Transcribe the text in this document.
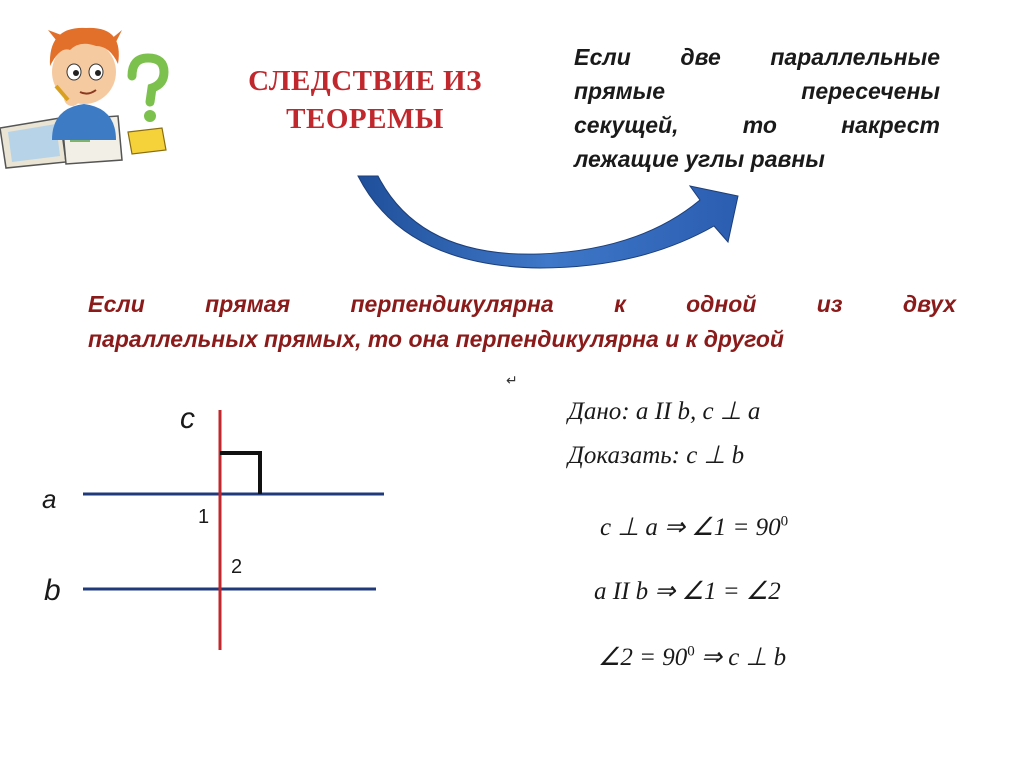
СЛЕДСТВИЕ ИЗ
ТЕОРЕМЫ
Если две параллельные
прямые пересечены
секущей, то накрест
лежащие углы равны
Если прямая перпендикулярна к одной из двух
параллельных прямых, то она перпендикулярна и к другой
c
a
b
1
2
↵
Дано: a II b, c ⊥ a
Доказать: c ⊥ b
c ⊥ a ⇒ ∠1 = $90^0$
a II b ⇒ ∠1 = ∠2
∠2 = $90^0$ ⇒ c ⊥ b
